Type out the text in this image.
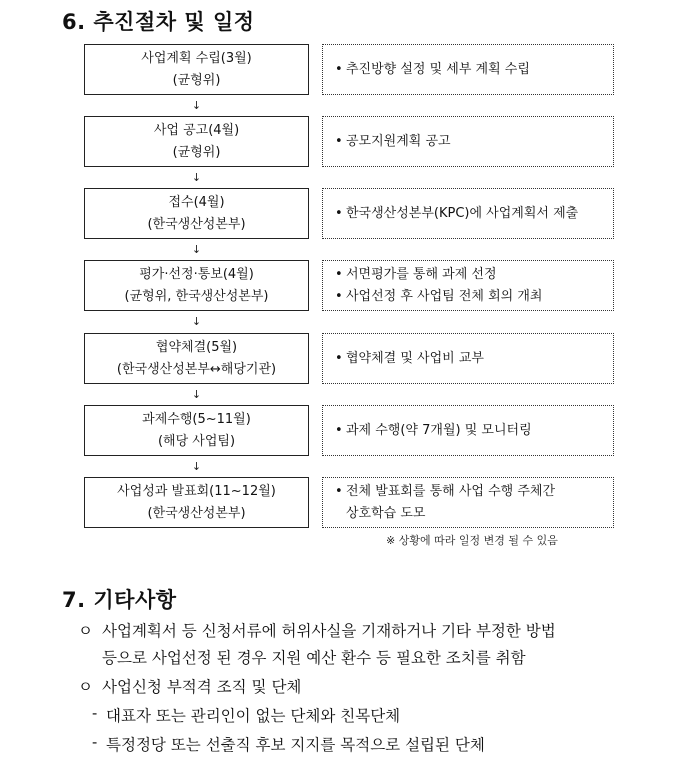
6. 추진절차 및 일정
사업계획 수립(3월)
(균형위)
• 추진방향 설정 및 세부 계획 수립
↓
사업 공고(4월)
(균형위)
• 공모지원계획 공고
↓
접수(4월)
(한국생산성본부)
• 한국생산성본부(KPC)에 사업계획서 제출
↓
평가·선정·통보(4월)
(균형위, 한국생산성본부)
• 서면평가를 통해 과제 선정
• 사업선정 후 사업팀 전체 회의 개최
↓
협약체결(5월)
(한국생산성본부↔해당기관)
• 협약체결 및 사업비 교부
↓
과제수행(5~11월)
(해당 사업팀)
• 과제 수행(약 7개월) 및 모니터링
↓
사업성과 발표회(11~12월)
(한국생산성본부)
• 전체 발표회를 통해 사업 수행 주체간
상호학습 도모
※ 상황에 따라 일정 변경 될 수 있음
7. 기타사항
ㅇ 사업계획서 등 신청서류에 허위사실을 기재하거나 기타 부정한 방법
등으로 사업선정 된 경우 지원 예산 환수 등 필요한 조치를 취함
ㅇ 사업신청 부적격 조직 및 단체
- 대표자 또는 관리인이 없는 단체와 친목단체
- 특정정당 또는 선출직 후보 지지를 목적으로 설립된 단체
